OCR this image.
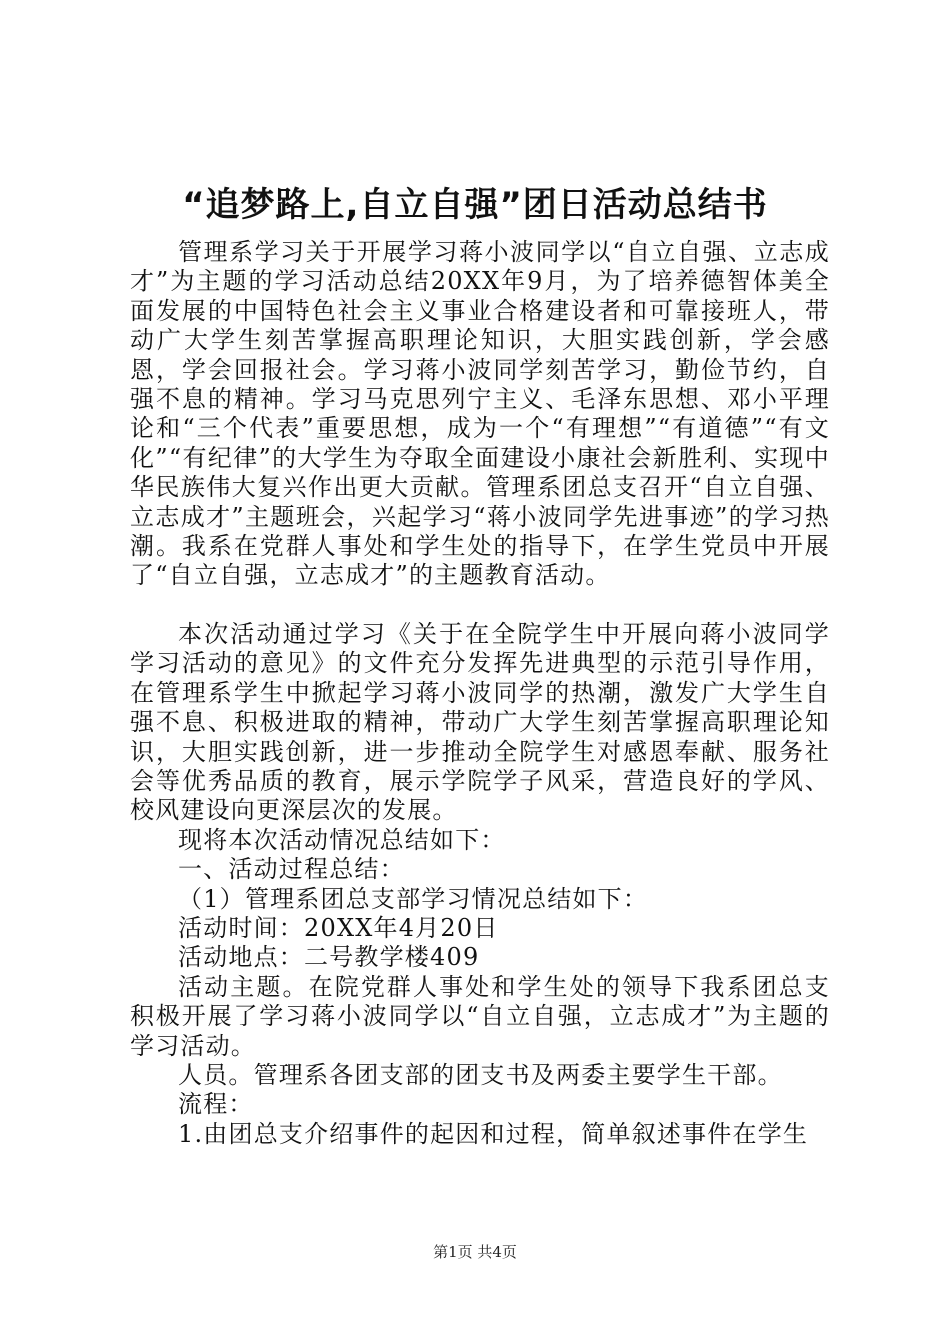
“追梦路上,自立自强”团日活动总结书

管理系学习关于开展学习蒋小波同学以“自立自强、立志成才”为主题的学习活动总结20XX年9月，为了培养德智体美全面发展的中国特色社会主义事业合格建设者和可靠接班人，带动广大学生刻苦掌握高职理论知识，大胆实践创新，学会感恩，学会回报社会。学习蒋小波同学刻苦学习，勤俭节约，自强不息的精神。学习马克思列宁主义、毛泽东思想、邓小平理论和“三个代表”重要思想，成为一个“有理想”“有道德”“有文化”“有纪律”的大学生为夺取全面建设小康社会新胜利、实现中华民族伟大复兴作出更大贡献。管理系团总支召开“自立自强、立志成才”主题班会，兴起学习“蒋小波同学先进事迹”的学习热潮。我系在党群人事处和学生处的指导下，在学生党员中开展了“自立自强，立志成才”的主题教育活动。

本次活动通过学习《关于在全院学生中开展向蒋小波同学学习活动的意见》的文件充分发挥先进典型的示范引导作用，在管理系学生中掀起学习蒋小波同学的热潮，激发广大学生自强不息、积极进取的精神，带动广大学生刻苦掌握高职理论知识，大胆实践创新，进一步推动全院学生对感恩奉献、服务社会等优秀品质的教育，展示学院学子风采，营造良好的学风、校风建设向更深层次的发展。

现将本次活动情况总结如下：

一、活动过程总结：

（1）管理系团总支部学习情况总结如下：

活动时间：20XX年4月20日

活动地点：二号教学楼409

活动主题。在院党群人事处和学生处的领导下我系团总支积极开展了学习蒋小波同学以“自立自强，立志成才”为主题的学习活动。

人员。管理系各团支部的团支书及两委主要学生干部。

流程：

1.由团总支介绍事件的起因和过程，简单叙述事件在学生

第1页 共4页
